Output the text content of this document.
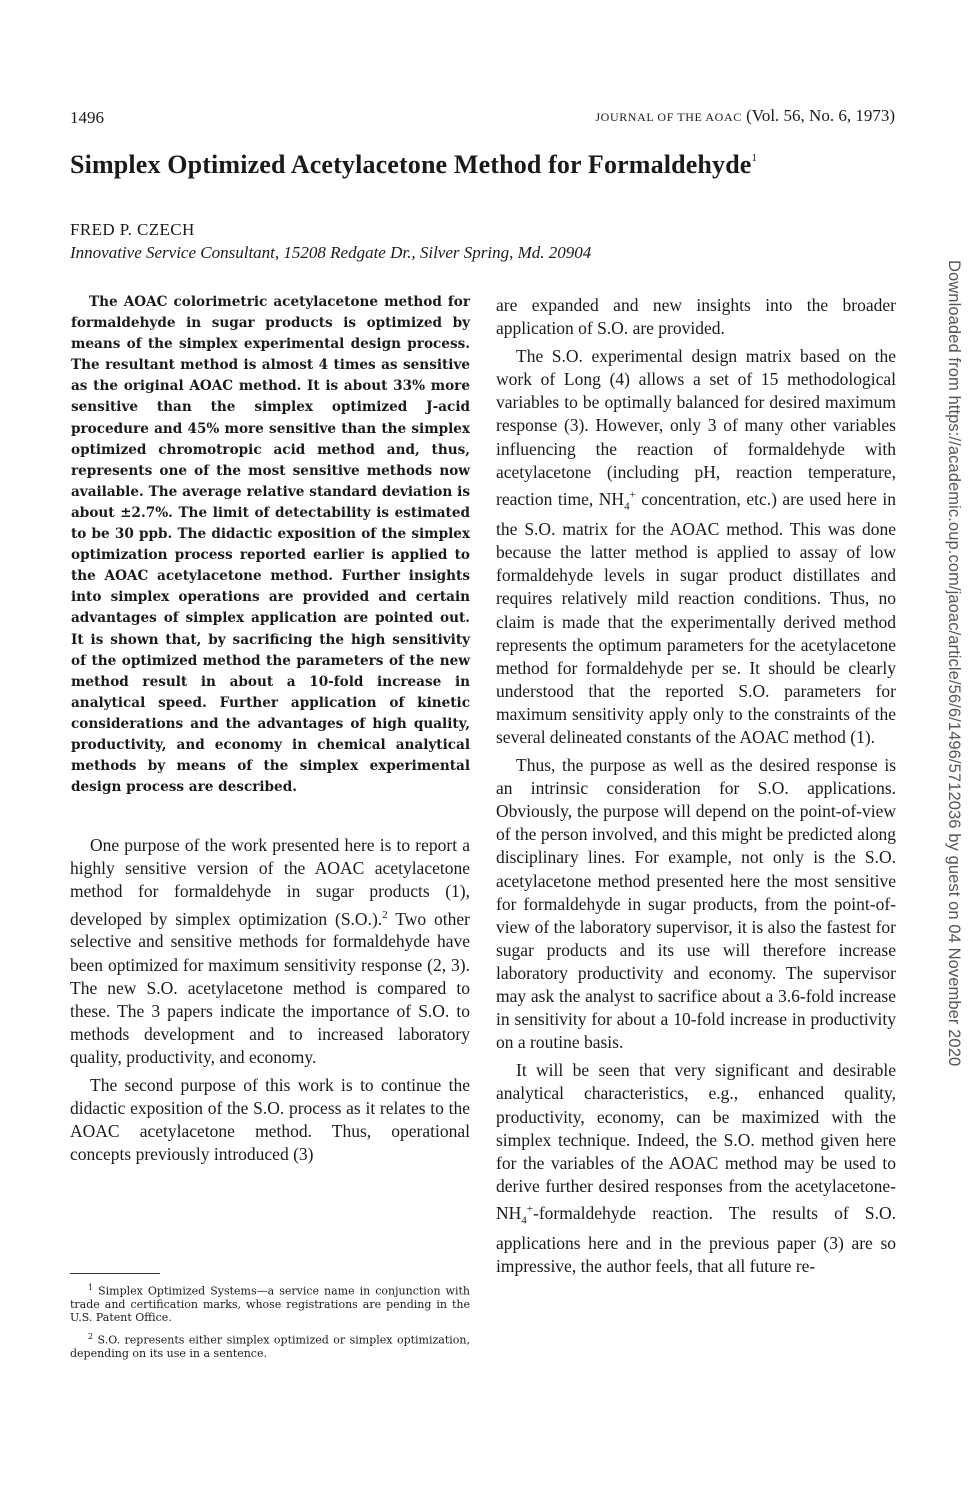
1496	JOURNAL OF THE AOAC (Vol. 56, No. 6, 1973)
Simplex Optimized Acetylacetone Method for Formaldehyde$^1$
FRED P. CZECH
Innovative Service Consultant, 15208 Redgate Dr., Silver Spring, Md. 20904

The AOAC colorimetric acetylacetone method for formaldehyde in sugar products is optimized by means of the simplex experimental design process. The resultant method is almost 4 times as sensitive as the original AOAC method. It is about 33% more sensitive than the simplex optimized J-acid procedure and 45% more sensitive than the simplex optimized chromotropic acid method and, thus, represents one of the most sensitive methods now available. The average relative standard deviation is about ±2.7%. The limit of detectability is estimated to be 30 ppb. The didactic exposition of the simplex optimization process reported earlier is applied to the AOAC acetylacetone method. Further insights into simplex operations are provided and certain advantages of simplex application are pointed out. It is shown that, by sacrificing the high sensitivity of the optimized method the parameters of the new method result in about a 10-fold increase in analytical speed. Further application of kinetic considerations and the advantages of high quality, productivity, and economy in chemical analytical methods by means of the simplex experimental design process are described.

One purpose of the work presented here is to report a highly sensitive version of the AOAC acetylacetone method for formaldehyde in sugar products (1), developed by simplex optimization (S.O.).$^2$ Two other selective and sensitive methods for formaldehyde have been optimized for maximum sensitivity response (2, 3). The new S.O. acetylacetone method is compared to these. The 3 papers indicate the importance of S.O. to methods development and to increased laboratory quality, productivity, and economy.

The second purpose of this work is to continue the didactic exposition of the S.O. process as it relates to the AOAC acetylacetone method. Thus, operational concepts previously introduced (3)

$^1$ Simplex Optimized Systems—a service name in conjunction with trade and certification marks, whose registrations are pending in the U.S. Patent Office.

$^2$ S.O. represents either simplex optimized or simplex optimization, depending on its use in a sentence.

are expanded and new insights into the broader application of S.O. are provided.

The S.O. experimental design matrix based on the work of Long (4) allows a set of 15 methodological variables to be optimally balanced for desired maximum response (3). However, only 3 of many other variables influencing the reaction of formaldehyde with acetylacetone (including pH, reaction temperature, reaction time, $NH_4^+$ concentration, etc.) are used here in the S.O. matrix for the AOAC method. This was done because the latter method is applied to assay of low formaldehyde levels in sugar product distillates and requires relatively mild reaction conditions. Thus, no claim is made that the experimentally derived method represents the optimum parameters for the acetylacetone method for formaldehyde per se. It should be clearly understood that the reported S.O. parameters for maximum sensitivity apply only to the constraints of the several delineated constants of the AOAC method (1).

Thus, the purpose as well as the desired response is an intrinsic consideration for S.O. applications. Obviously, the purpose will depend on the point-of-view of the person involved, and this might be predicted along disciplinary lines. For example, not only is the S.O. acetylacetone method presented here the most sensitive for formaldehyde in sugar products, from the point-of-view of the laboratory supervisor, it is also the fastest for sugar products and its use will therefore increase laboratory productivity and economy. The supervisor may ask the analyst to sacrifice about a 3.6-fold increase in sensitivity for about a 10-fold increase in productivity on a routine basis.

It will be seen that very significant and desirable analytical characteristics, e.g., enhanced quality, productivity, economy, can be maximized with the simplex technique. Indeed, the S.O. method given here for the variables of the AOAC method may be used to derive further desired responses from the acetylacetone-$NH_4^+$-formaldehyde reaction. The results of S.O. applications here and in the previous paper (3) are so impressive, the author feels, that all future re-

Downloaded from https://academic.oup.com/jaoac/article/56/6/1496/5712036 by guest on 04 November 2020
